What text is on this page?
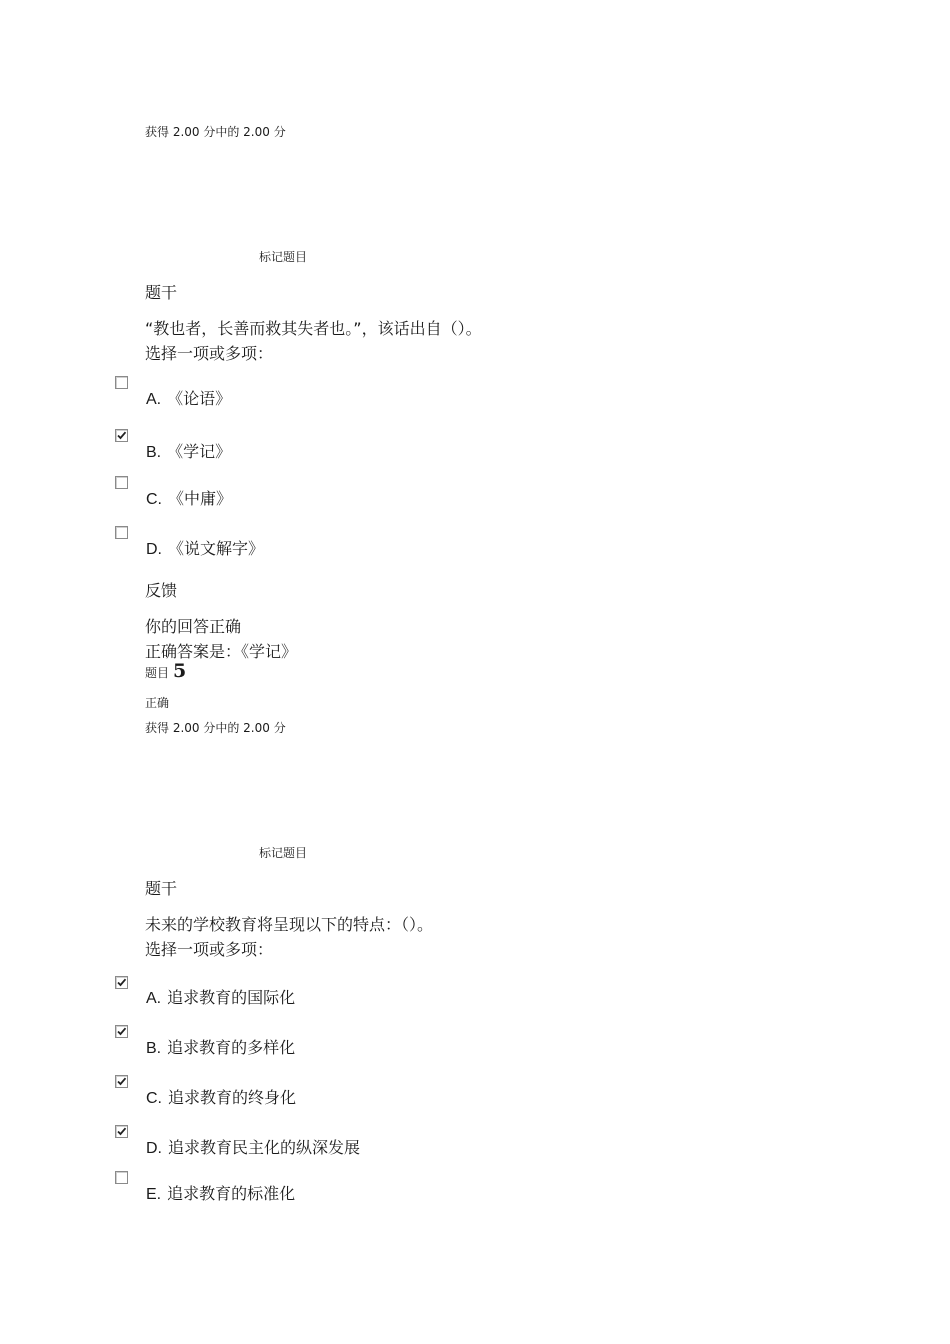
获得 2.00 分中的 2.00 分
标记题目
题干
“教也者，长善而救其失者也。”，该话出自（）。
选择一项或多项：
A. 《论语》
B. 《学记》
C. 《中庸》
D. 《说文解字》
反馈
你的回答正确
正确答案是：《学记》
题目 5
正确
获得 2.00 分中的 2.00 分
标记题目
题干
未来的学校教育将呈现以下的特点：（）。
选择一项或多项：
A. 追求教育的国际化
B. 追求教育的多样化
C. 追求教育的终身化
D. 追求教育民主化的纵深发展
E. 追求教育的标准化
